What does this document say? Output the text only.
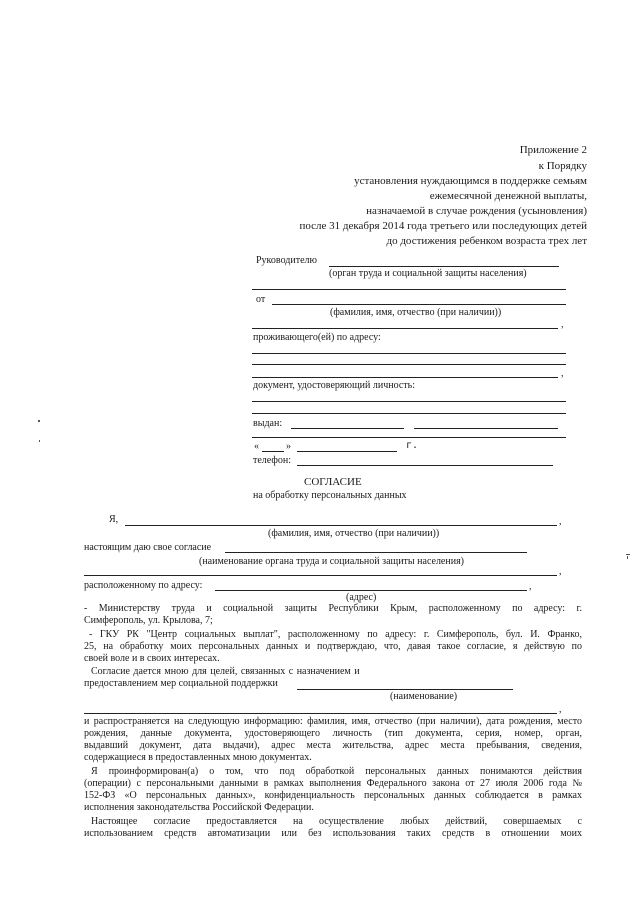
Приложение 2
к Порядку
установления нуждающимся в поддержке семьям
ежемесячной денежной выплаты,
назначаемой в случае рождения (усыновления)
после 31 декабря 2014 года третьего или последующих детей
до достижения ребенком возраста трех лет
Руководителю
(орган труда и социальной защиты населения)
от
(фамилия, имя, отчество (при наличии))
,
проживающего(ей) по адресу:
,
документ, удостоверяющий личность:
выдан:
«	»	г.
телефон:
СОГЛАСИЕ
на обработку персональных данных
Я,	,
(фамилия, имя, отчество (при наличии))
настоящим даю свое согласие
(наименование органа труда и социальной защиты населения)
,
расположенному по адресу:	,
(адрес)
- Министерству труда и социальной защиты Республики Крым, расположенному по адресу: г.
Симферополь, ул. Крылова, 7;
- ГКУ РК "Центр социальных выплат", расположенному по адресу: г. Симферополь, бул. И. Франко,
25, на обработку моих персональных данных и подтверждаю, что, давая такое согласие, я действую по
своей воле и в своих интересах.
Согласие дается мною для целей, связанных с назначением и
предоставлением мер социальной поддержки
(наименование)
,
и распространяется на следующую информацию: фамилия, имя, отчество (при наличии), дата рождения, место
рождения, данные документа, удостоверяющего личность (тип документа, серия, номер, орган,
выдавший документ, дата выдачи), адрес места жительства, адрес места пребывания, сведения,
содержащиеся в предоставленных мною документах.
Я проинформирован(а) о том, что под обработкой персональных данных понимаются действия
(операции) с персональными данными в рамках выполнения Федерального закона от 27 июля 2006 года №
152-ФЗ «О персональных данных», конфиденциальность персональных данных соблюдается в рамках
исполнения законодательства Российской Федерации.
Настоящее согласие предоставляется на осуществление любых действий, совершаемых с
использованием средств автоматизации или без использования таких средств в отношении моих
